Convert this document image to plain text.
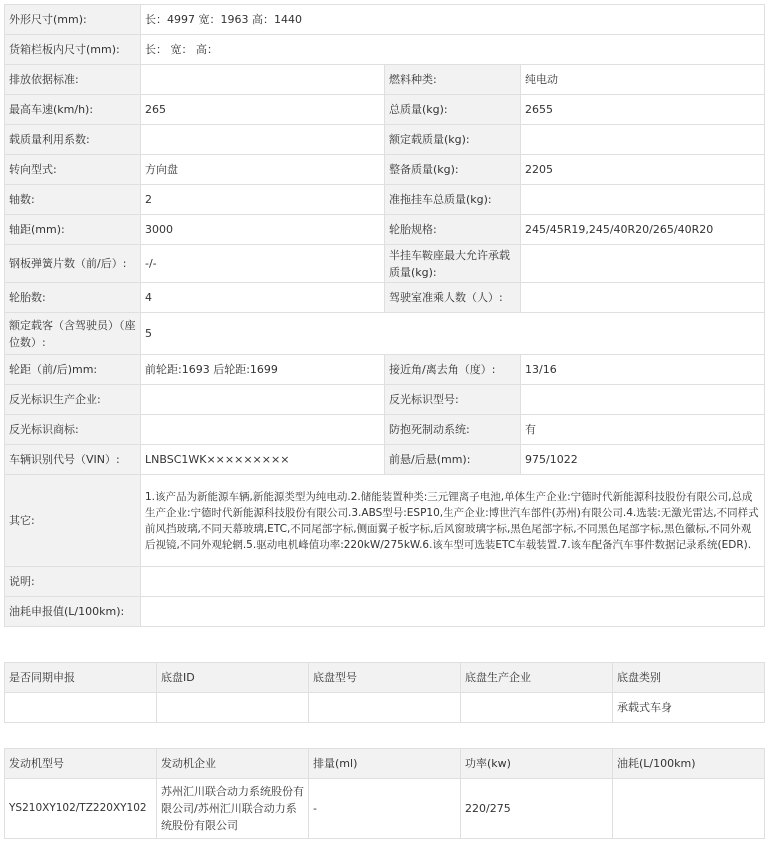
外形尺寸(mm):	长：4997 宽：1963 高：1440		
货箱栏板内尺寸(mm):	长： 宽： 高：		
排放依据标准:		燃料种类:	纯电动
最高车速(km/h):	265	总质量(kg):	2655
载质量利用系数:		额定载质量(kg):	
转向型式:	方向盘	整备质量(kg):	2205
轴数:	2	准拖挂车总质量(kg):	
轴距(mm):	3000	轮胎规格:	245/45R19,245/40R20/265/40R20
钢板弹簧片数（前/后）:	-/-	半挂车鞍座最大允许承载质量(kg):	
轮胎数:	4	驾驶室准乘人数（人）:	
额定载客（含驾驶员）（座位数）:	5		
轮距（前/后)mm:	前轮距:1693 后轮距:1699	接近角/离去角（度）:	13/16
反光标识生产企业:		反光标识型号:	
反光标识商标:		防抱死制动系统:	有
车辆识别代号（VIN）:	LNBSC1WK×××××××××	前悬/后悬(mm):	975/1022
其它:	1.该产品为新能源车辆,新能源类型为纯电动.2.储能装置种类:三元锂离子电池,单体生产企业:宁德时代新能源科技股份有限公司,总成生产企业:宁德时代新能源科技股份有限公司.3.ABS型号:ESP10,生产企业:博世汽车部件(苏州)有限公司.4.选装:无激光雷达,不同样式前风挡玻璃,不同天幕玻璃,ETC,不同尾部字标,侧面翼子板字标,后风窗玻璃字标,黑色尾部字标,不同黑色尾部字标,黑色徽标,不同外观后视镜,不同外观轮辋.5.驱动电机峰值功率:220kW/275kW.6.该车型可选装ETC车载装置.7.该车配备汽车事件数据记录系统(EDR).		
说明:			
油耗申报值(L/100km):			
是否同期申报	底盘ID	底盘型号	底盘生产企业	底盘类别
				承载式车身
发动机型号	发动机企业	排量(ml)	功率(kw)	油耗(L/100km)
YS210XY102/TZ220XY102	苏州汇川联合动力系统股份有限公司/苏州汇川联合动力系统股份有限公司	-	220/275	
